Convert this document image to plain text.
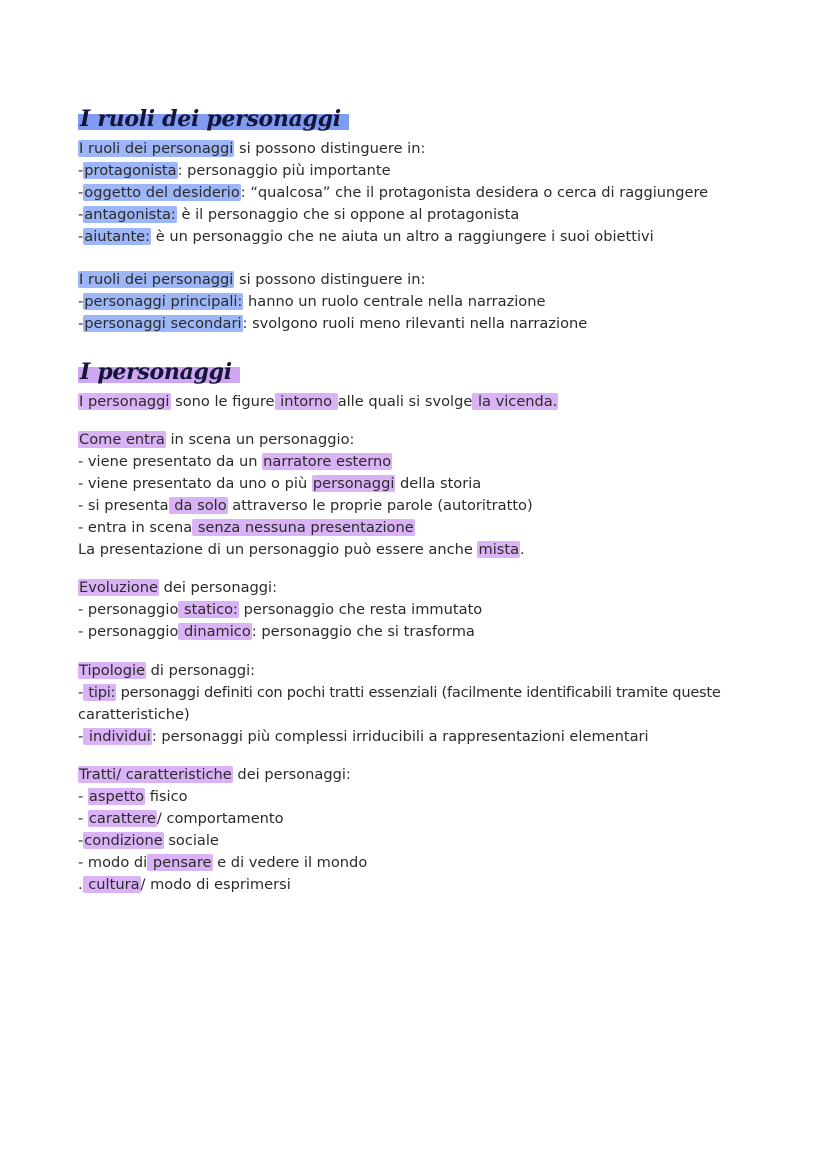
I ruoli dei personaggi
I ruoli dei personaggi si possono distinguere in:
-protagonista: personaggio più importante
-oggetto del desiderio: “qualcosa” che il protagonista desidera o cerca di raggiungere
-antagonista: è il personaggio che si oppone al protagonista
-aiutante: è un personaggio che ne aiuta un altro a raggiungere i suoi obiettivi
I ruoli dei personaggi si possono distinguere in:
-personaggi principali: hanno un ruolo centrale nella narrazione
-personaggi secondari: svolgono ruoli meno rilevanti nella narrazione
I personaggi
I personaggi sono le figure intorno alle quali si svolge la vicenda.
Come entra in scena un personaggio:
- viene presentato da un narratore esterno
- viene presentato da uno o più personaggi della storia
- si presenta da solo attraverso le proprie parole (autoritratto)
- entra in scena senza nessuna presentazione
La presentazione di un personaggio può essere anche mista.
Evoluzione dei personaggi:
- personaggio statico: personaggio che resta immutato
- personaggio dinamico: personaggio che si trasforma
Tipologie di personaggi:
- tipi: personaggi definiti con pochi tratti essenziali (facilmente identificabili tramite queste
caratteristiche)
- individui: personaggi più complessi irriducibili a rappresentazioni elementari
Tratti/ caratteristiche dei personaggi:
- aspetto fisico
- carattere/ comportamento
-condizione sociale
- modo di pensare e di vedere il mondo
. cultura/ modo di esprimersi
